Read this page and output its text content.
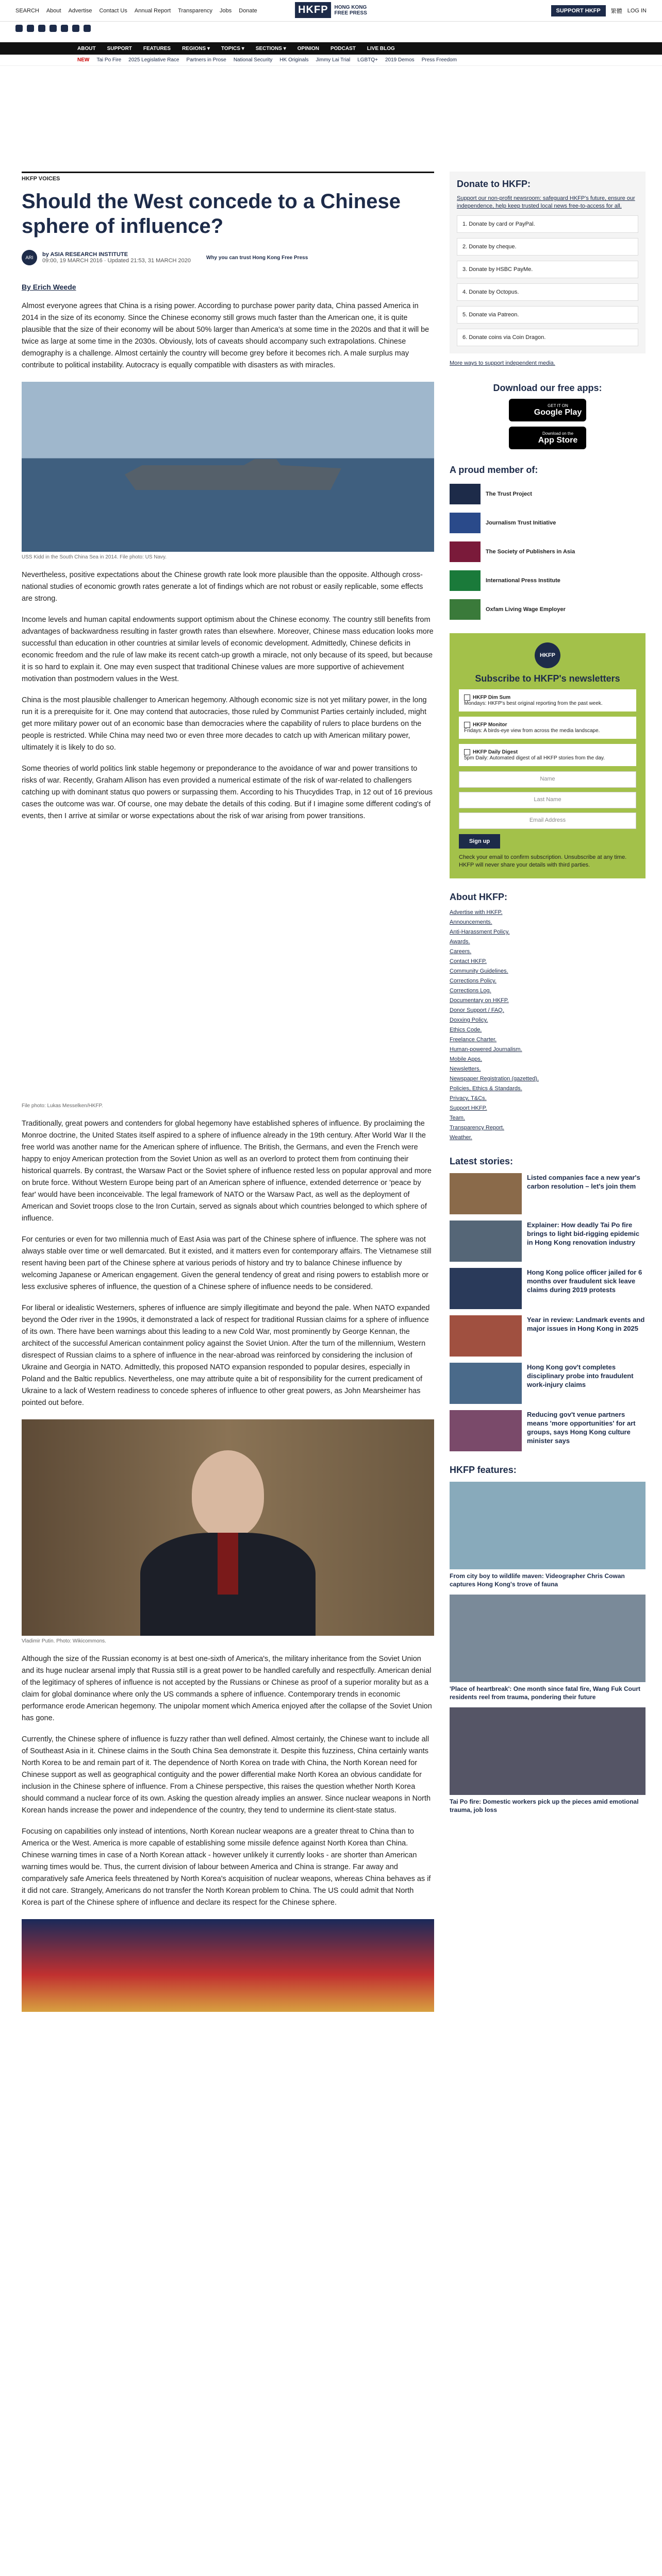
SEARCH About Advertise Contact Us Annual Report Transparency Jobs Donate	HKFP	HONG KONG
FREE PRESS	SUPPORT HKFP	繁體 LOG IN
ABOUT SUPPORT FEATURES REGIONS ▾ TOPICS ▾ SECTIONS ▾ OPINION PODCAST LIVE BLOG
NEW Tai Po Fire 2025 Legislative Race Partners in Prose National Security HK Originals Jimmy Lai Trial LGBTQ+ 2019 Demos Press Freedom
HKFP VOICES
Should the West concede to a Chinese sphere of influence?
ARI	by ASIA RESEARCH INSTITUTE
09:00, 19 MARCH 2016 · Updated 21:53, 31 MARCH 2020	Why you can trust Hong Kong Free Press
By Erich Weede
Almost everyone agrees that China is a rising power. According to purchase power parity data, China passed America in 2014 in the size of its economy. Since the Chinese economy still grows much faster than the American one, it is quite plausible that the size of their economy will be about 50% larger than America's at some time in the 2020s and that it will be twice as large at some time in the 2030s. Obviously, lots of caveats should accompany such extrapolations. Chinese demography is a challenge. Almost certainly the country will become grey before it becomes rich. A male surplus may contribute to political instability. Autocracy is equally compatible with disasters as with miracles.
USS Kidd in the South China Sea in 2014. File photo: US Navy.
Nevertheless, positive expectations about the Chinese growth rate look more plausible than the opposite. Although cross-national studies of economic growth rates generate a lot of findings which are not robust or easily replicable, some effects are strong.
Income levels and human capital endowments support optimism about the Chinese economy. The country still benefits from advantages of backwardness resulting in faster growth rates than elsewhere. Moreover, Chinese mass education looks more successful than education in other countries at similar levels of economic development. Admittedly, Chinese deficits in economic freedom and the rule of law make its recent catch-up growth a miracle, not only because of its speed, but because it is so hard to explain it. One may even suspect that traditional Chinese values are more supportive of achievement motivation than postmodern values in the West.
China is the most plausible challenger to American hegemony. Although economic size is not yet military power, in the long run it is a prerequisite for it. One may contend that autocracies, those ruled by Communist Parties certainly included, might get more military power out of an economic base than democracies where the capability of rulers to place burdens on the people is restricted. While China may need two or even three more decades to catch up with American military power, ultimately it is likely to do so.
Some theories of world politics link stable hegemony or preponderance to the avoidance of war and power transitions to risks of war. Recently, Graham Allison has even provided a numerical estimate of the risk of war-related to challengers catching up with dominant status quo powers or surpassing them. According to his Thucydides Trap, in 12 out of 16 previous cases the outcome was war. Of course, one may debate the details of this coding. But if I imagine some different coding's of events, then I arrive at similar or worse expectations about the risk of war arising from power transitions.
File photo: Lukas Messelken/HKFP.
Traditionally, great powers and contenders for global hegemony have established spheres of influence. By proclaiming the Monroe doctrine, the United States itself aspired to a sphere of influence already in the 19th century. After World War II the free world was another name for the American sphere of influence. The British, the Germans, and even the French were happy to enjoy American protection from the Soviet Union as well as an overlord to protect them from continuing their historical quarrels. By contrast, the Warsaw Pact or the Soviet sphere of influence rested less on popular approval and more on brute force. Without Western Europe being part of an American sphere of influence, extended deterrence or 'peace by fear' would have been inconceivable. The legal framework of NATO or the Warsaw Pact, as well as the deployment of American and Soviet troops close to the Iron Curtain, served as signals about which countries belonged to which sphere of influence.
For centuries or even for two millennia much of East Asia was part of the Chinese sphere of influence. The sphere was not always stable over time or well demarcated. But it existed, and it matters even for contemporary affairs. The Vietnamese still resent having been part of the Chinese sphere at various periods of history and try to balance Chinese influence by welcoming Japanese or American engagement. Given the general tendency of great and rising powers to establish more or less exclusive spheres of influence, the question of a Chinese sphere of influence needs to be considered.
For liberal or idealistic Westerners, spheres of influence are simply illegitimate and beyond the pale. When NATO expanded beyond the Oder river in the 1990s, it demonstrated a lack of respect for traditional Russian claims for a sphere of influence of its own. There have been warnings about this leading to a new Cold War, most prominently by George Kennan, the architect of the successful American containment policy against the Soviet Union. After the turn of the millennium, Western disrespect of Russian claims to a sphere of influence in the near-abroad was reinforced by considering the inclusion of Ukraine and Georgia in NATO. Admittedly, this proposed NATO expansion responded to popular desires, especially in Poland and the Baltic republics. Nevertheless, one may attribute quite a bit of responsibility for the current predicament of Ukraine to a lack of Western readiness to concede spheres of influence to other great powers, as John Mearsheimer has pointed out before.
Vladimir Putin. Photo: Wikicommons.
Although the size of the Russian economy is at best one-sixth of America's, the military inheritance from the Soviet Union and its huge nuclear arsenal imply that Russia still is a great power to be handled carefully and respectfully. American denial of the legitimacy of spheres of influence is not accepted by the Russians or Chinese as proof of a superior morality but as a claim for global dominance where only the US commands a sphere of influence. Contemporary trends in economic performance erode American hegemony. The unipolar moment which America enjoyed after the collapse of the Soviet Union has gone.
Currently, the Chinese sphere of influence is fuzzy rather than well defined. Almost certainly, the Chinese want to include all of Southeast Asia in it. Chinese claims in the South China Sea demonstrate it. Despite this fuzziness, China certainly wants North Korea to be and remain part of it. The dependence of North Korea on trade with China, the North Korean need for Chinese support as well as geographical contiguity and the power differential make North Korea an obvious candidate for inclusion in the Chinese sphere of influence. From a Chinese perspective, this raises the question whether North Korea should command a nuclear force of its own. Asking the question already implies an answer. Since nuclear weapons in North Korean hands increase the power and independence of the country, they tend to undermine its client-state status.
Focusing on capabilities only instead of intentions, North Korean nuclear weapons are a greater threat to China than to America or the West. America is more capable of establishing some missile defence against North Korea than China. Chinese warning times in case of a North Korean attack - however unlikely it currently looks - are shorter than American warning times would be. Thus, the current division of labour between America and China is strange. Far away and comparatively safe America feels threatened by North Korea's acquisition of nuclear weapons, whereas China behaves as if it did not care. Strangely, Americans do not transfer the North Korean problem to China. The US could admit that North Korea is part of the Chinese sphere of influence and declare its respect for the Chinese sphere.
Donate to HKFP:
Support our non-profit newsroom: safeguard HKFP's future, ensure our independence, help keep trusted local news free-to-access for all.
1. Donate by card or PayPal.
2. Donate by cheque.
3. Donate by HSBC PayMe.
4. Donate by Octopus.
5. Donate via Patreon.
6. Donate coins via Coin Dragon.
More ways to support independent media.
Download our free apps:
GET IT ON
Google Play
Download on the
App Store
A proud member of:
The Trust Project
Journalism Trust Initiative
The Society of Publishers in Asia
International Press Institute
Oxfam Living Wage Employer
HKFP
Subscribe to HKFP's newsletters
HKFP Dim Sum
Mondays: HKFP's best original reporting from the past week.
HKFP Monitor
Fridays: A birds-eye view from across the media landscape.
HKFP Daily Digest
5pm Daily: Automated digest of all HKFP stories from the day.
Name
Last Name
Email Address
Sign up
Check your email to confirm subscription. Unsubscribe at any time. HKFP will never share your details with third parties.
About HKFP:
Advertise with HKFP.
Announcements.
Anti-Harassment Policy.
Awards.
Careers.
Contact HKFP.
Community Guidelines.
Corrections Policy.
Corrections Log.
Documentary on HKFP.
Donor Support / FAQ.
Doxxing Policy.
Ethics Code.
Freelance Charter.
Human-powered Journalism.
Mobile Apps.
Newsletters.
Newspaper Registration (gazetted).
Policies, Ethics & Standards.
Privacy, T&Cs.
Support HKFP.
Team.
Transparency Report.
Weather.
Latest stories:
Listed companies face a new year's carbon resolution – let's join them
Explainer: How deadly Tai Po fire brings to light bid-rigging epidemic in Hong Kong renovation industry
Hong Kong police officer jailed for 6 months over fraudulent sick leave claims during 2019 protests
Year in review: Landmark events and major issues in Hong Kong in 2025
Hong Kong gov't completes disciplinary probe into fraudulent work-injury claims
Reducing gov't venue partners means 'more opportunities' for art groups, says Hong Kong culture minister says
HKFP features:
From city boy to wildlife maven: Videographer Chris Cowan captures Hong Kong's trove of fauna
'Place of heartbreak': One month since fatal fire, Wang Fuk Court residents reel from trauma, pondering their future
Tai Po fire: Domestic workers pick up the pieces amid emotional trauma, job loss
